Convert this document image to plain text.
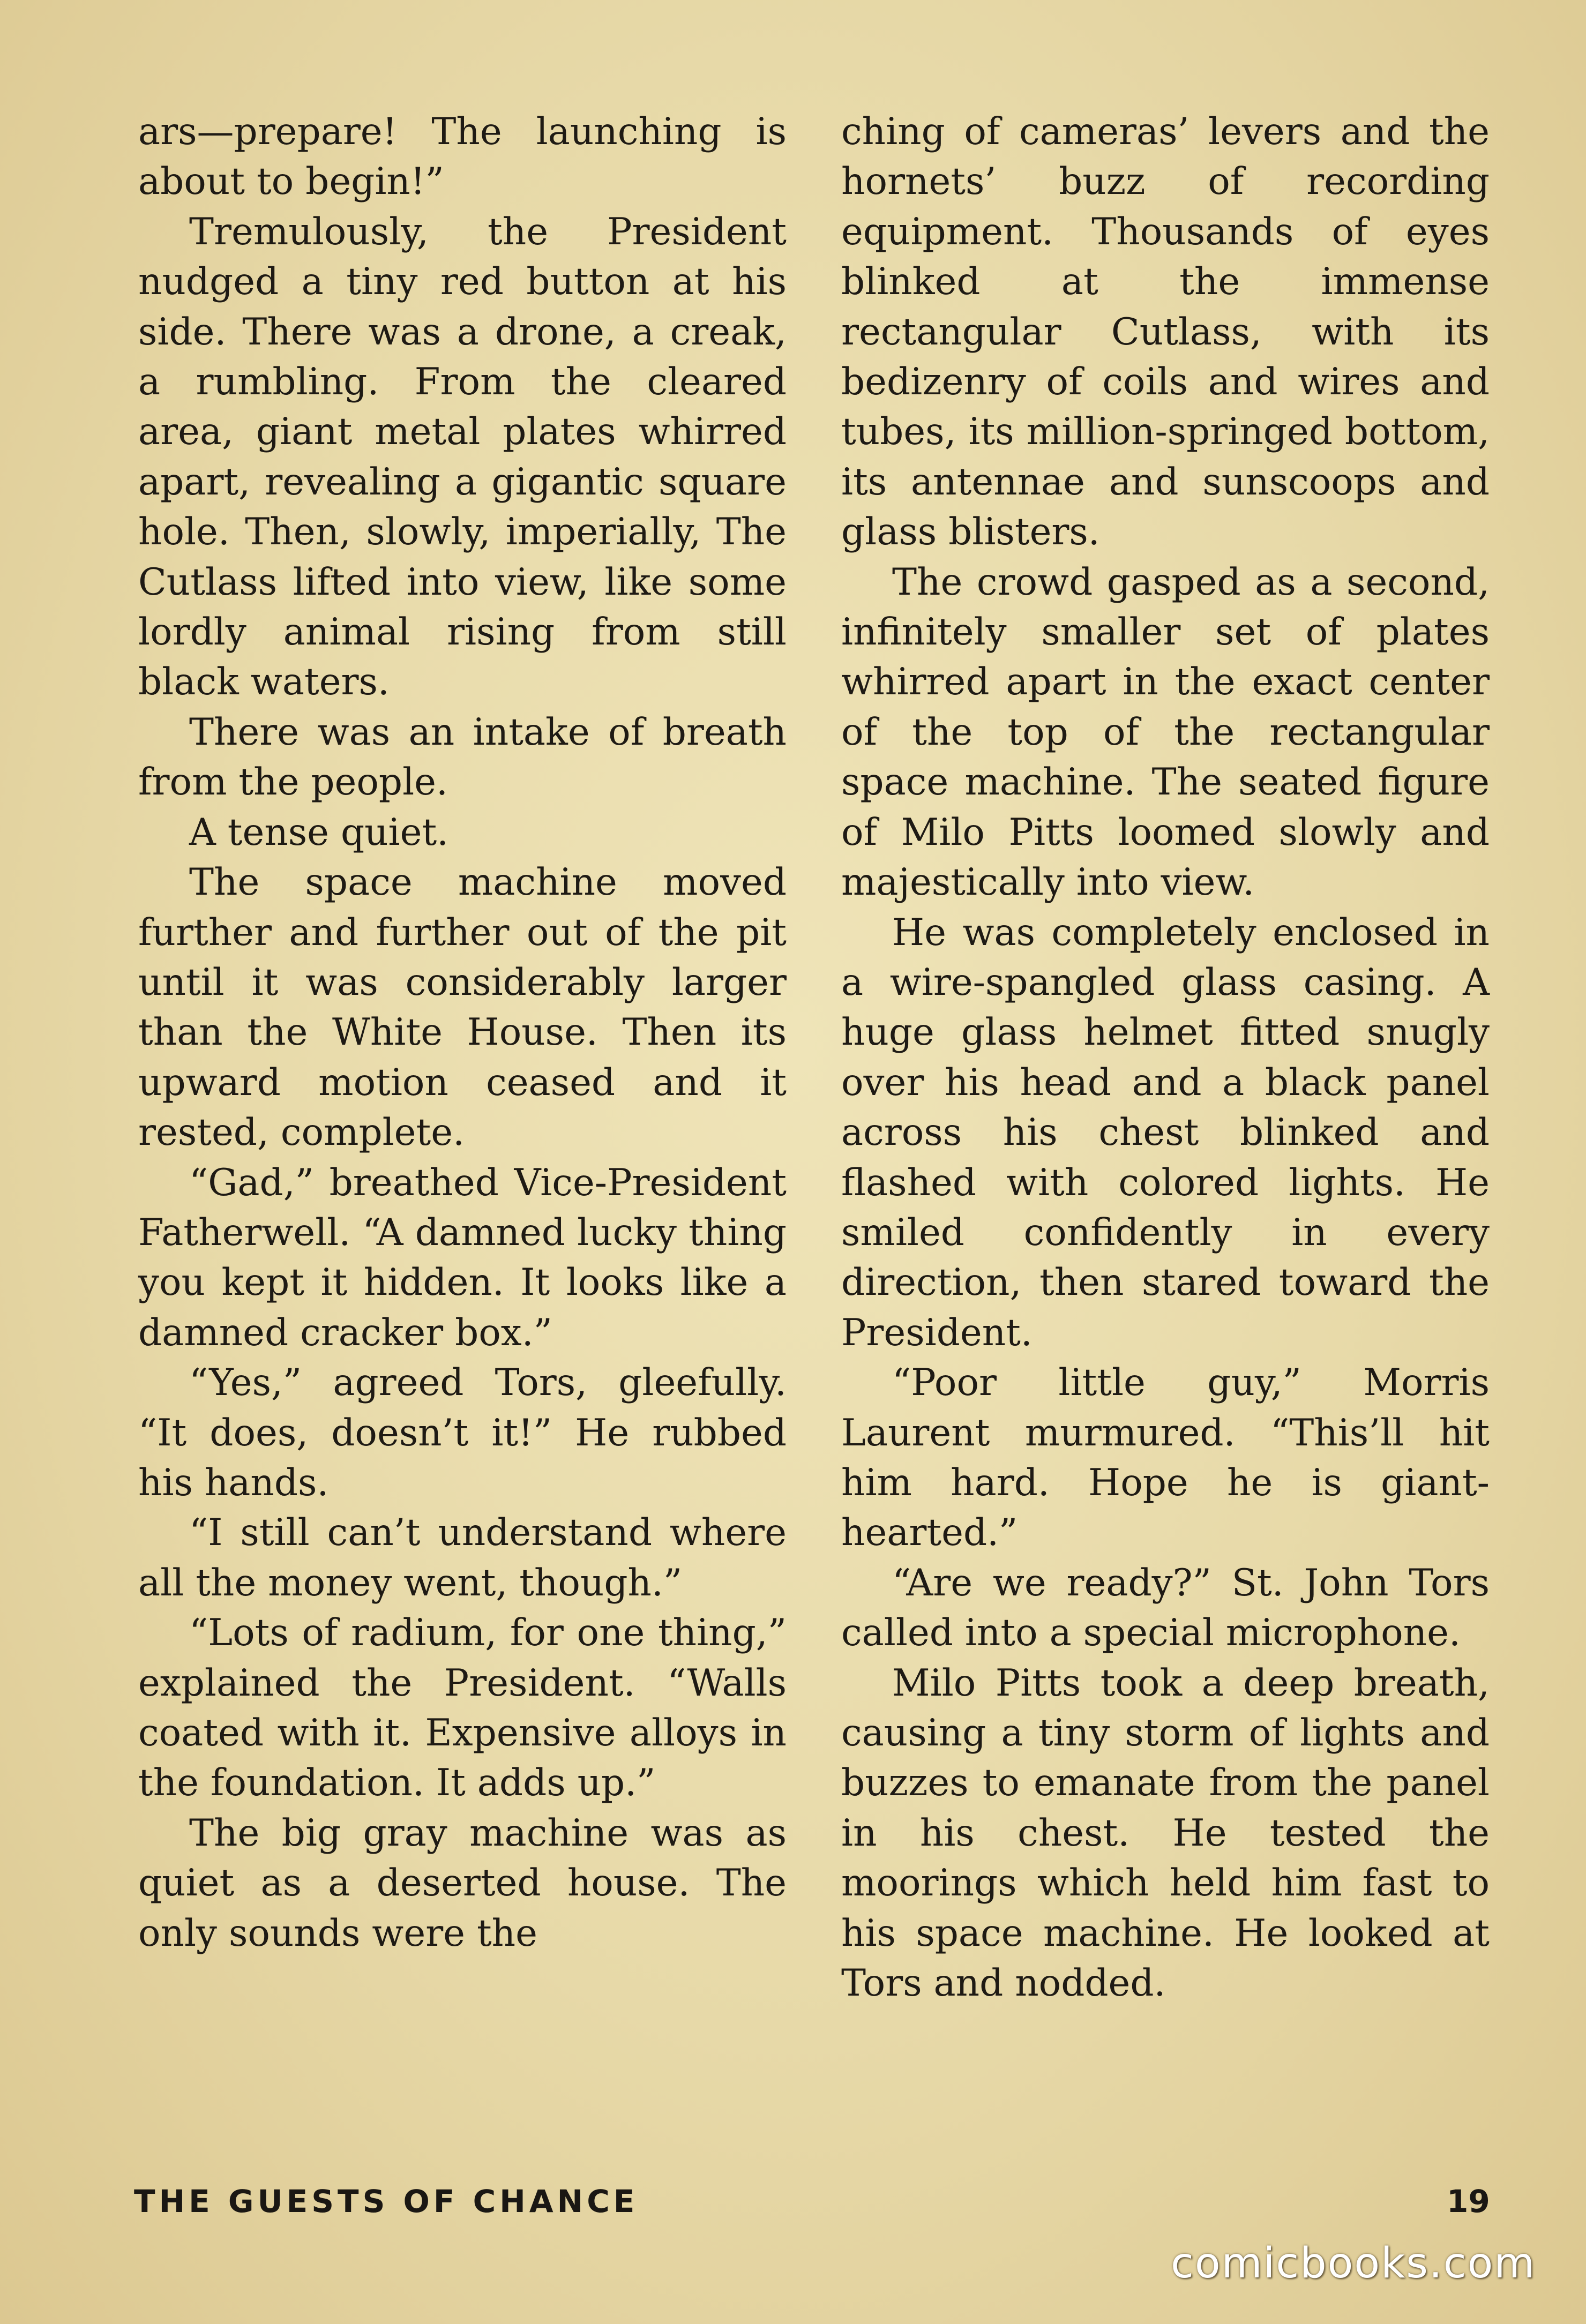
ars—prepare! The launching is about to begin!”

Tremulously, the President nudged a tiny red button at his side. There was a drone, a creak, a rumbling. From the cleared area, giant metal plates whirred apart, revealing a gigantic square hole. Then, slowly, imperially, The Cutlass lifted into view, like some lordly animal rising from still black waters.

There was an intake of breath from the people.

A tense quiet.

The space machine moved further and further out of the pit until it was considerably larger than the White House. Then its upward motion ceased and it rested, complete.

“Gad,” breathed Vice-President Fatherwell. “A damned lucky thing you kept it hidden. It looks like a damned cracker box.”

“Yes,” agreed Tors, gleefully. “It does, doesn’t it!” He rubbed his hands.

“I still can’t understand where all the money went, though.”

“Lots of radium, for one thing,” explained the President. “Walls coated with it. Expensive alloys in the foundation. It adds up.”

The big gray machine was as quiet as a deserted house. The only sounds were the

ching of cameras’ levers and the hornets’ buzz of recording equipment. Thousands of eyes blinked at the immense rectangular Cutlass, with its bedizenry of coils and wires and tubes, its million-springed bottom, its antennae and sunscoops and glass blisters.

The crowd gasped as a second, infinitely smaller set of plates whirred apart in the exact center of the top of the rectangular space machine. The seated figure of Milo Pitts loomed slowly and majestically into view.

He was completely enclosed in a wire-spangled glass casing. A huge glass helmet fitted snugly over his head and a black panel across his chest blinked and flashed with colored lights. He smiled confidently in every direction, then stared toward the President.

“Poor little guy,” Morris Laurent murmured. “This’ll hit him hard. Hope he is giant-hearted.”

“Are we ready?” St. John Tors called into a special microphone.

Milo Pitts took a deep breath, causing a tiny storm of lights and buzzes to emanate from the panel in his chest. He tested the moorings which held him fast to his space machine. He looked at Tors and nodded.

THE GUESTS OF CHANCE	19
comicbooks.com
